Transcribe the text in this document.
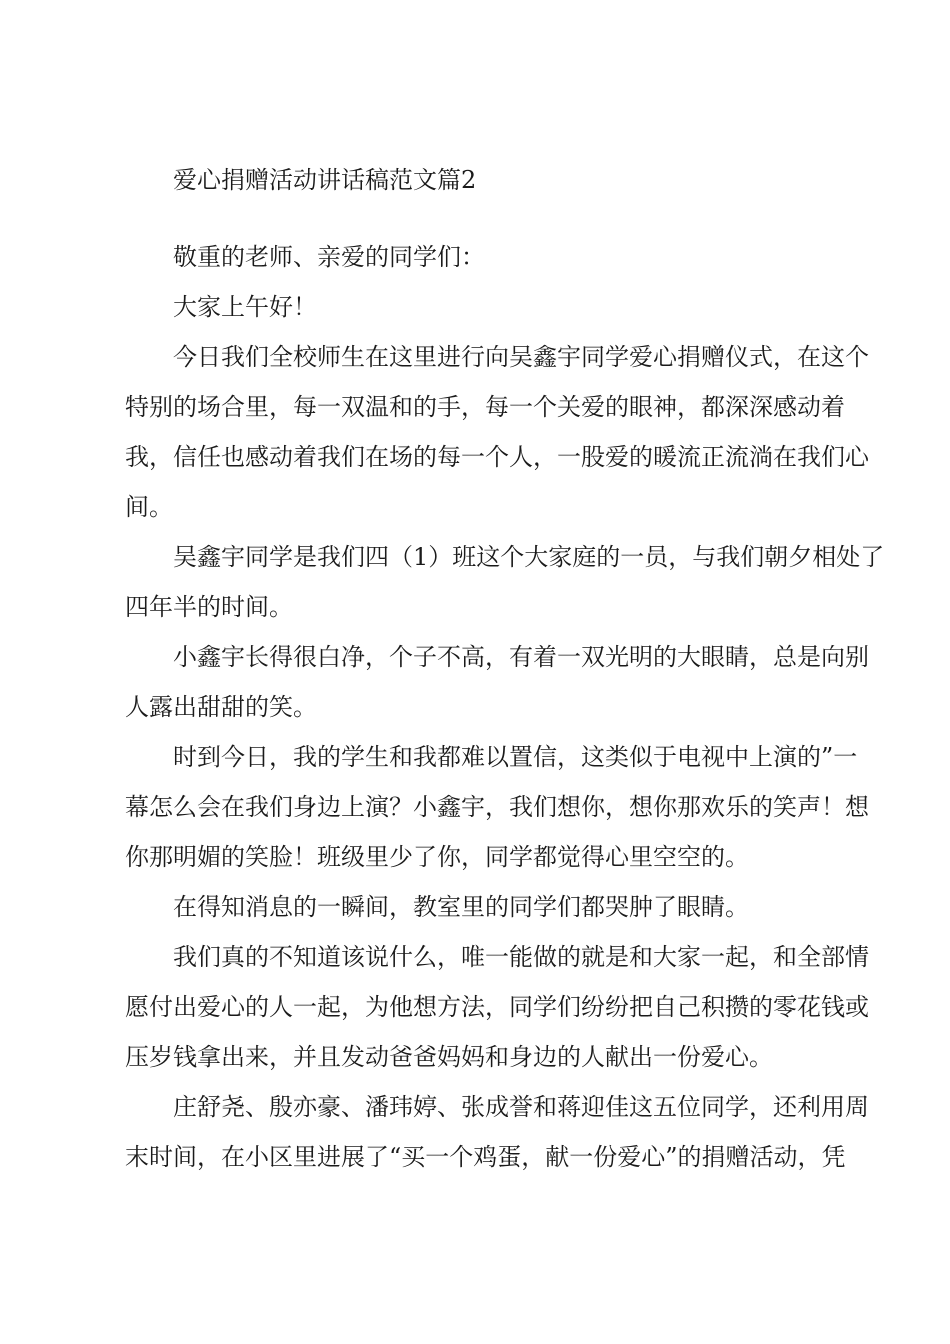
爱心捐赠活动讲话稿范文篇2

敬重的老师、亲爱的同学们：

大家上午好！

今日我们全校师生在这里进行向吴鑫宇同学爱心捐赠仪式，在这个

特别的场合里，每一双温和的手，每一个关爱的眼神，都深深感动着

我，信任也感动着我们在场的每一个人，一股爱的暖流正流淌在我们心

间。

吴鑫宇同学是我们四（1）班这个大家庭的一员，与我们朝夕相处了

四年半的时间。

小鑫宇长得很白净，个子不高，有着一双光明的大眼睛，总是向别

人露出甜甜的笑。

时到今日，我的学生和我都难以置信，这类似于电视中上演的”一

幕怎么会在我们身边上演？小鑫宇，我们想你，想你那欢乐的笑声！想

你那明媚的笑脸！班级里少了你，同学都觉得心里空空的。

在得知消息的一瞬间，教室里的同学们都哭肿了眼睛。

我们真的不知道该说什么，唯一能做的就是和大家一起，和全部情

愿付出爱心的人一起，为他想方法，同学们纷纷把自己积攒的零花钱或

压岁钱拿出来，并且发动爸爸妈妈和身边的人献出一份爱心。

庄舒尧、殷亦豪、潘玮婷、张成誉和蒋迎佳这五位同学，还利用周

末时间，在小区里进展了“买一个鸡蛋，献一份爱心”的捐赠活动，凭
